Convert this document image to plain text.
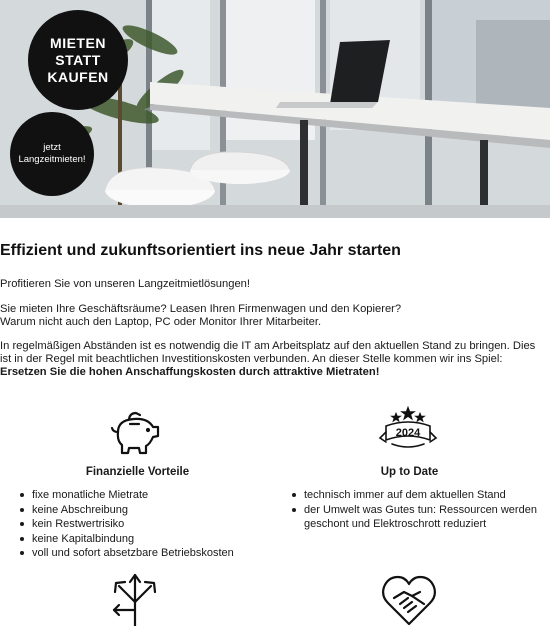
MIETEN
STATT
KAUFEN
jetzt
Langzeitmieten!
Effizient und zukunftsorientiert ins neue Jahr starten

Profitieren Sie von unseren Langzeitmietlösungen!

Sie mieten Ihre Geschäftsräume? Leasen Ihren Firmenwagen und den Kopierer?
Warum nicht auch den Laptop, PC oder Monitor Ihrer Mitarbeiter.

In regelmäßigen Abständen ist es notwendig die IT am Arbeitsplatz auf den aktuellen Stand zu bringen. Dies ist in der Regel mit beachtlichen Investitionskosten verbunden. An dieser Stelle kommen wir ins Spiel: Ersetzen Sie die hohen Anschaffungskosten durch attraktive Mietraten!

Finanzielle Vorteile
fixe monatliche Mietrate
keine Abschreibung
kein Restwertrisiko
keine Kapitalbindung
voll und sofort absetzbare Betriebskosten
2024
Up to Date
technisch immer auf dem aktuellen Stand
der Umwelt was Gutes tun: Ressourcen werden geschont und Elektroschrott reduziert
